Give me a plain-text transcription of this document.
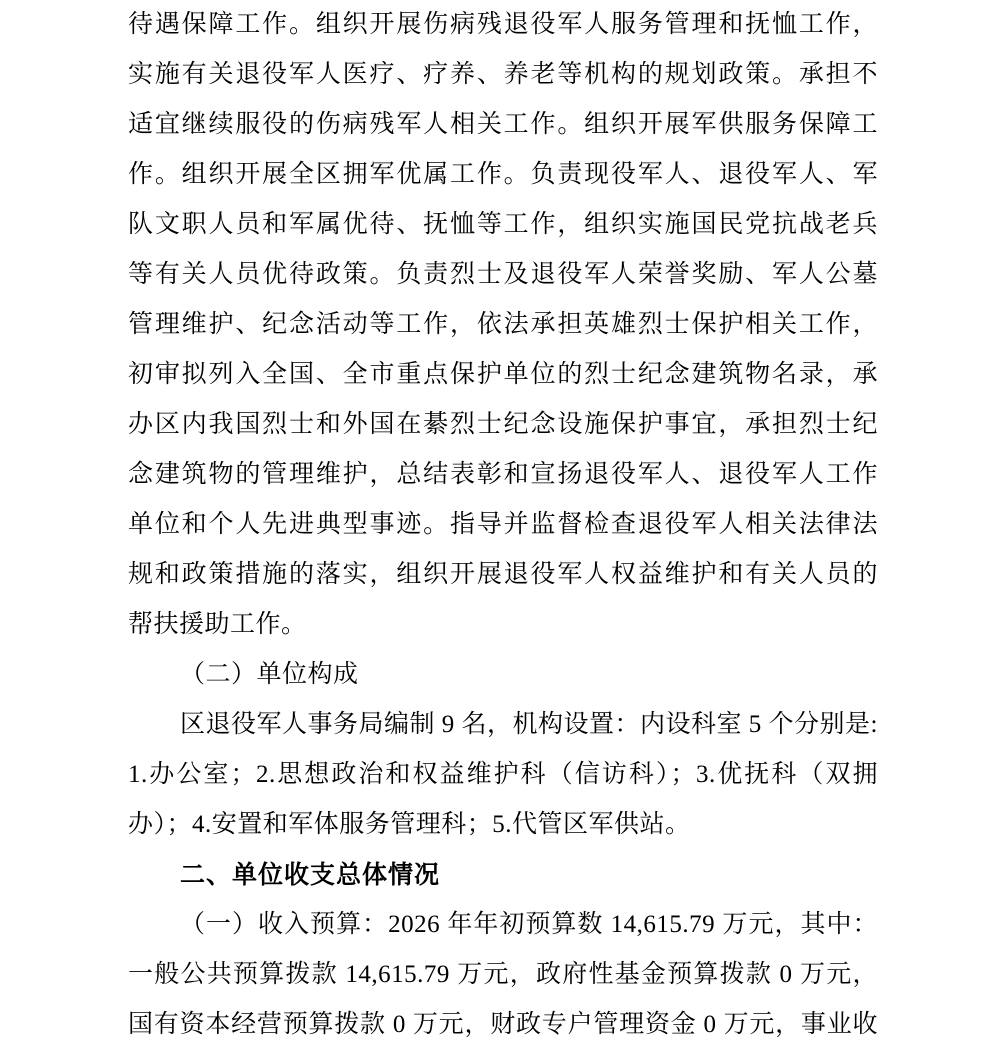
待遇保障工作。组织开展伤病残退役军人服务管理和抚恤工作，
实施有关退役军人医疗、疗养、养老等机构的规划政策。承担不
适宜继续服役的伤病残军人相关工作。组织开展军供服务保障工
作。组织开展全区拥军优属工作。负责现役军人、退役军人、军
队文职人员和军属优待、抚恤等工作，组织实施国民党抗战老兵
等有关人员优待政策。负责烈士及退役军人荣誉奖励、军人公墓
管理维护、纪念活动等工作，依法承担英雄烈士保护相关工作，
初审拟列入全国、全市重点保护单位的烈士纪念建筑物名录，承
办区内我国烈士和外国在綦烈士纪念设施保护事宜，承担烈士纪
念建筑物的管理维护，总结表彰和宣扬退役军人、退役军人工作
单位和个人先进典型事迹。指导并监督检查退役军人相关法律法
规和政策措施的落实，组织开展退役军人权益维护和有关人员的
帮扶援助工作。
（二）单位构成
区退役军人事务局编制 9 名，机构设置：内设科室 5 个分别是:
1.办公室；2.思想政治和权益维护科（信访科）；3.优抚科（双拥
办）；4.安置和军体服务管理科；5.代管区军供站。
二、单位收支总体情况
（一）收入预算：2026 年年初预算数 14,615.79 万元，其中：
一般公共预算拨款 14,615.79 万元，政府性基金预算拨款 0 万元，
国有资本经营预算拨款 0 万元，财政专户管理资金 0 万元，事业收
